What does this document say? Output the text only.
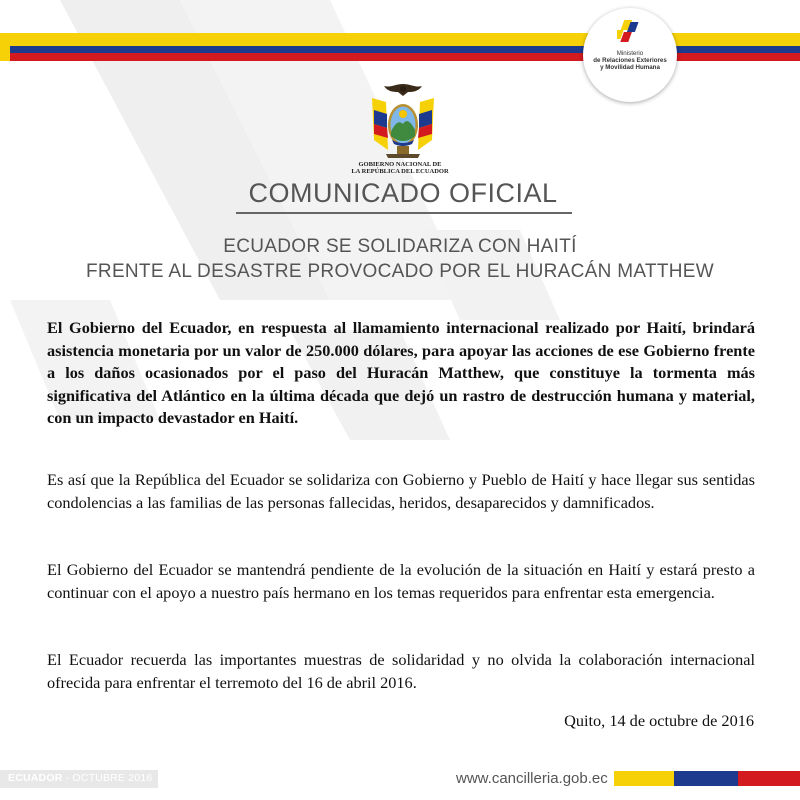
Ministerio
de Relaciones Exteriores
y Movilidad Humana
GOBIERNO NACIONAL DE
LA REPÚBLICA DEL ECUADOR
COMUNICADO OFICIAL
ECUADOR SE SOLIDARIZA CON HAITÍ
FRENTE AL DESASTRE PROVOCADO POR EL HURACÁN MATTHEW

El Gobierno del Ecuador, en respuesta al llamamiento internacional realizado por Haití, brindará asistencia monetaria por un valor de 250.000 dólares, para apoyar las acciones de ese Gobierno frente a los daños ocasionados por el paso del Huracán Matthew, que constituye la tormenta más significativa del Atlántico en la última década que dejó un rastro de destrucción humana y material, con un impacto devastador en Haití.

Es así que la República del Ecuador se solidariza con Gobierno y Pueblo de Haití y hace llegar sus sentidas condolencias a las familias de las personas fallecidas, heridos, desaparecidos y damnificados.

El Gobierno del Ecuador se mantendrá pendiente de la evolución de la situación en Haití y estará presto a continuar con el apoyo a nuestro país hermano en los temas requeridos para enfrentar esta emergencia.

El Ecuador recuerda las importantes muestras de solidaridad y no olvida la colaboración internacional ofrecida para enfrentar el terremoto del 16 de abril 2016.

Quito, 14 de octubre de 2016
ECUADOR - OCTUBRE 2016	www.cancilleria.gob.ec
